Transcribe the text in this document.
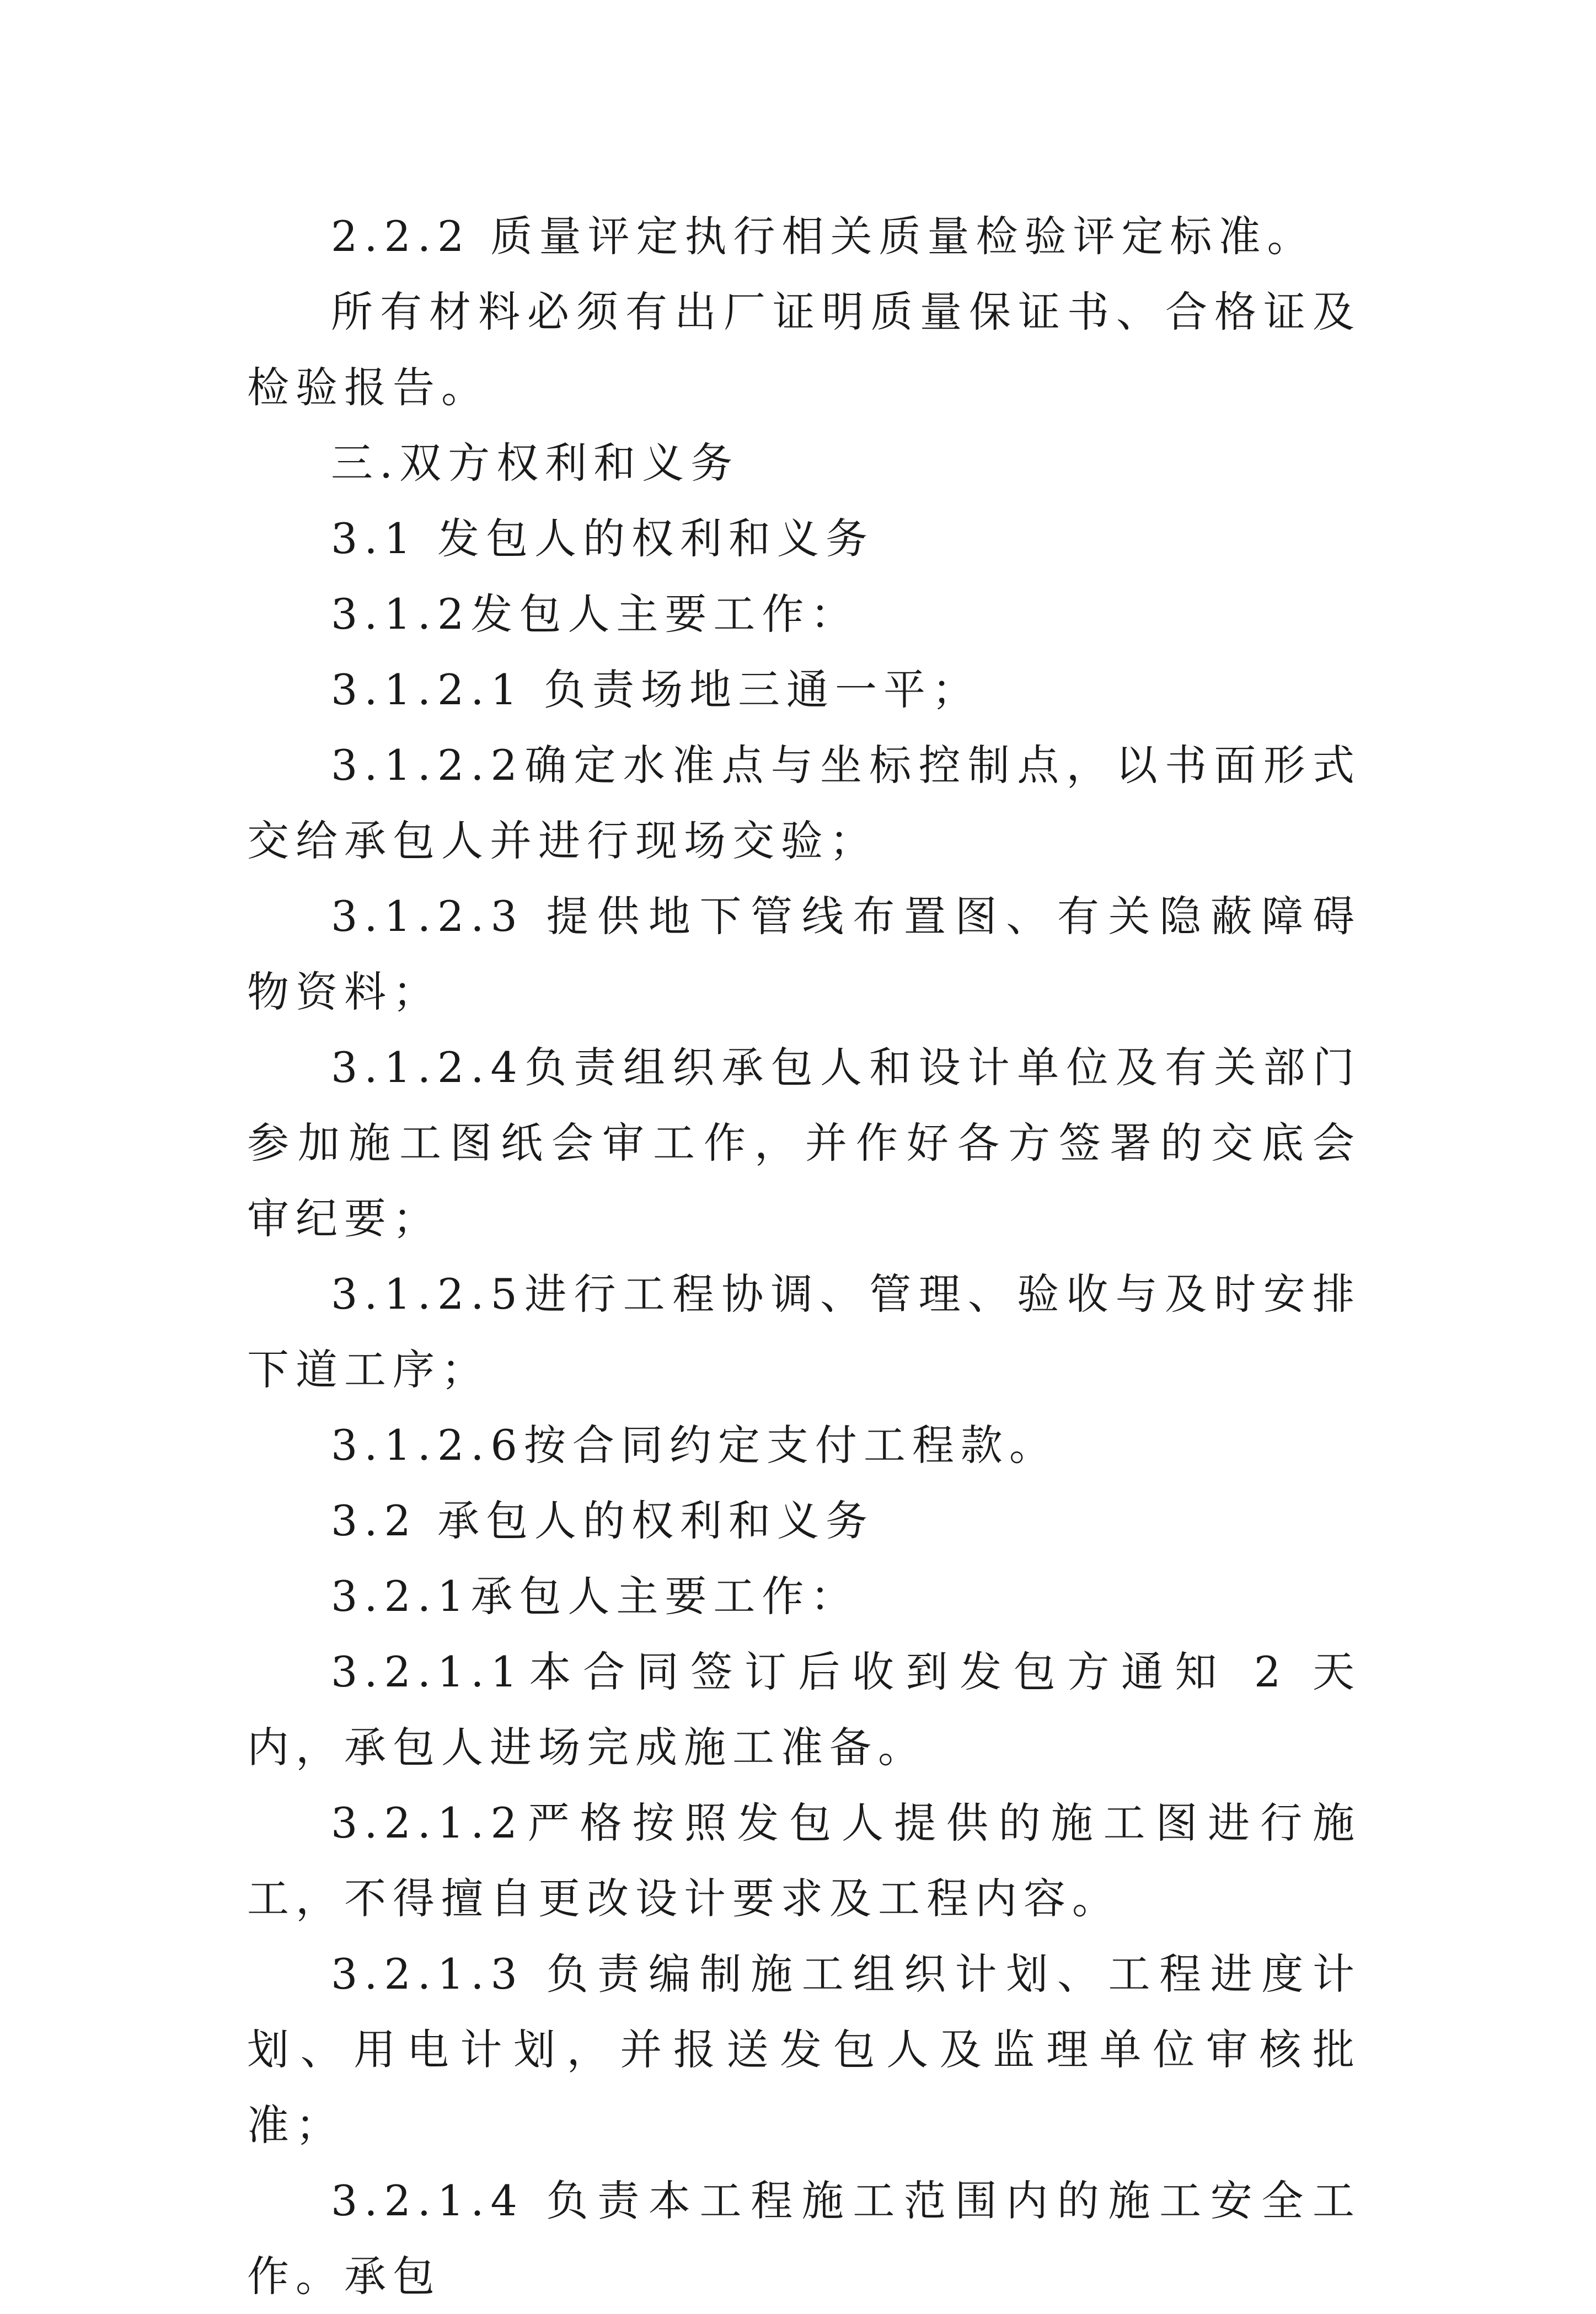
2.2.2 质量评定执行相关质量检验评定标准。

所有材料必须有出厂证明质量保证书、合格证及检验报告。

三.双方权利和义务

3.1 发包人的权利和义务

3.1.2发包人主要工作：

3.1.2.1 负责场地三通一平；

3.1.2.2确定水准点与坐标控制点，以书面形式交给承包人并进行现场交验；

3.1.2.3 提供地下管线布置图、有关隐蔽障碍物资料；

3.1.2.4负责组织承包人和设计单位及有关部门参加施工图纸会审工作，并作好各方签署的交底会审纪要；

3.1.2.5进行工程协调、管理、验收与及时安排下道工序；

3.1.2.6按合同约定支付工程款。

3.2 承包人的权利和义务

3.2.1承包人主要工作：

3.2.1.1本合同签订后收到发包方通知 2 天内，承包人进场完成施工准备。

3.2.1.2严格按照发包人提供的施工图进行施工，不得擅自更改设计要求及工程内容。

3.2.1.3 负责编制施工组织计划、工程进度计划、用电计划，并报送发包人及监理单位审核批准；

3.2.1.4 负责本工程施工范围内的施工安全工作。承包
